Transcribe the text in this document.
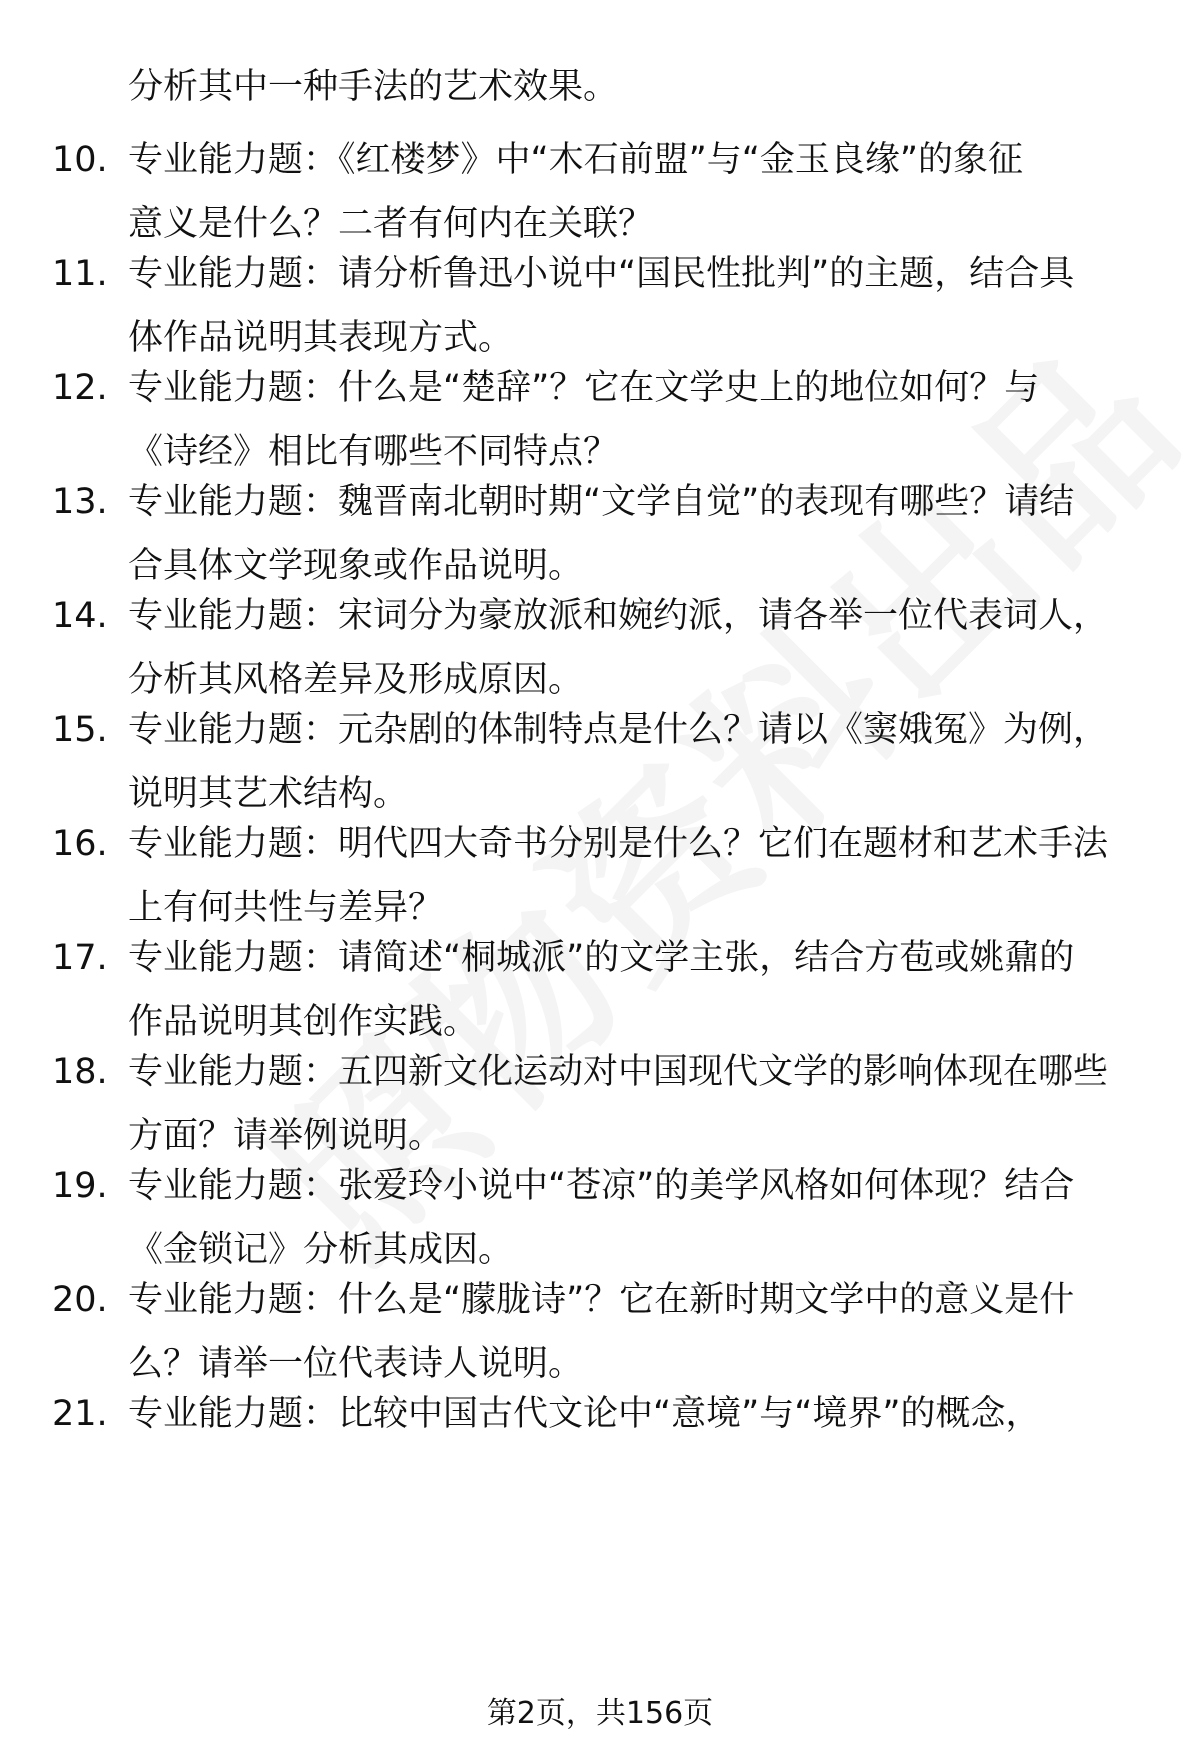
分析其中一种手法的艺术效果。
10. 专业能力题：《红楼梦》中“木石前盟”与“金玉良缘”的象征
意义是什么？二者有何内在关联？
11. 专业能力题：请分析鲁迅小说中“国民性批判”的主题，结合具
体作品说明其表现方式。
12. 专业能力题：什么是“楚辞”？它在文学史上的地位如何？与
《诗经》相比有哪些不同特点？
13. 专业能力题：魏晋南北朝时期“文学自觉”的表现有哪些？请结
合具体文学现象或作品说明。
14. 专业能力题：宋词分为豪放派和婉约派，请各举一位代表词人，
分析其风格差异及形成原因。
15. 专业能力题：元杂剧的体制特点是什么？请以《窦娥冤》为例，
说明其艺术结构。
16. 专业能力题：明代四大奇书分别是什么？它们在题材和艺术手法
上有何共性与差异？
17. 专业能力题：请简述“桐城派”的文学主张，结合方苞或姚鼐的
作品说明其创作实践。
18. 专业能力题：五四新文化运动对中国现代文学的影响体现在哪些
方面？请举例说明。
19. 专业能力题：张爱玲小说中“苍凉”的美学风格如何体现？结合
《金锁记》分析其成因。
20. 专业能力题：什么是“朦胧诗”？它在新时期文学中的意义是什
么？请举一位代表诗人说明。
21. 专业能力题：比较中国古代文论中“意境”与“境界”的概念，
第2页，共156页
